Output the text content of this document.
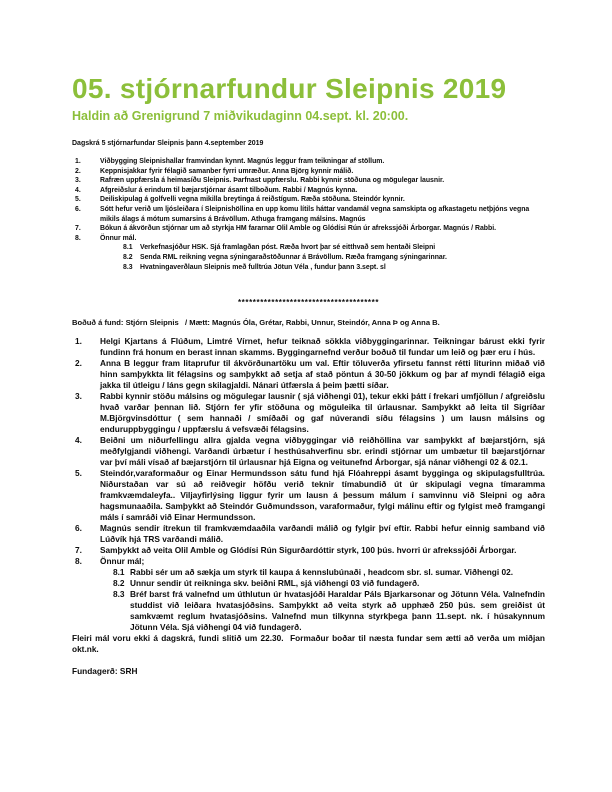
05. stjórnarfundur Sleipnis 2019
Haldin að Grenigrund 7 miðvikudaginn 04.sept. kl. 20:00.
Dagskrá 5 stjórnarfundar Sleipnis þann 4.september 2019
1.	Viðbygging Sleipnishallar framvindan kynnt. Magnús leggur fram teikningar af stöllum.
2.	Keppnisjakkar fyrir félagið samanber fyrri umræður. Anna Björg kynnir málið.
3.	Rafræn uppfærsla á heimasíðu Sleipnis. Þarfnast uppfærslu. Rabbi kynnir stöðuna og mögulegar lausnir.
4.	Afgreiðslur á erindum til bæjarstjórnar ásamt tilboðum. Rabbi / Magnús kynna.
5.	Deiliskipulag á golfvelli vegna mikilla breytinga á reiðstígum. Ræða stöðuna. Steindór kynnir.
6.	Sótt hefur verið um ljósleiðara í Sleipnishöllina en upp komu lítils háttar vandamál vegna samskipta og afkastagetu netþjóns vegna mikils álags á mótum sumarsins á Brávöllum. Athuga framgang málsins. Magnús
7.	Bókun á ákvörðun stjórnar um að styrkja HM fararnar Olil Amble og Glódísi Rún úr afrekssjóði Árborgar. Magnús / Rabbi.
8.	Önnur mál.
8.1	Verkefnasjóður HSK. Sjá framlagðan póst. Ræða hvort þar sé eitthvað sem hentaði Sleipni
8.2	Senda RML reikning vegna sýningaraðstöðunnar á Brávöllum. Ræða framgang sýningarinnar.
8.3	Hvatningaverðlaun Sleipnis með fulltrúa Jötun Véla , fundur þann 3.sept. sl
**************************************
Boðuð á fund: Stjórn Sleipnis   / Mætt: Magnús Óla, Grétar, Rabbi, Unnur, Steindór, Anna Þ og Anna B.
1.	Helgi Kjartans á Flúðum, Limtré Vírnet, hefur teiknað sökkla viðbyggingarinnar. Teikningar bárust ekki fyrir fundinn frá honum en berast innan skamms. Byggingarnefnd verður boðuð til fundar um leið og þær eru í hús.
2.	Anna B leggur fram litaprufur til ákvörðunartöku um val. Eftir töluverða yfirsetu fannst rétti liturinn miðað við hinn samþykkta lit félagsins og samþykkt að setja af stað pöntun á 30-50 jökkum og þar af myndi félagið eiga jakka til útleigu / láns gegn skilagjaldi. Nánari útfærsla á þeim þætti síðar.
3.	Rabbi kynnir stöðu málsins og mögulegar lausnir ( sjá viðhengi 01), tekur ekki þátt í frekari umfjöllun / afgreiðslu hvað varðar þennan lið. Stjórn fer yfir stöðuna og möguleika til úrlausnar. Samþykkt að leita til Sigríðar M.Björgvinsdóttur ( sem hannaði / smíðaði og gaf núverandi síðu félagsins ) um lausn málsins og enduruppbyggingu / uppfærslu á vefsvæði félagsins.
4.	Beiðni um niðurfellingu allra gjalda vegna viðbyggingar við reiðhöllina var samþykkt af bæjarstjórn, sjá meðfylgjandi viðhengi. Varðandi úrbætur í hesthúsahverfinu sbr. erindi stjórnar um umbætur til bæjarstjórnar var því máli vísað af bæjarstjórn til úrlausnar hjá Eigna og veitunefnd Árborgar, sjá nánar viðhengi 02 & 02.1.
5.	Steindór,varaformaður og Einar Hermundsson sátu fund hjá Flóahreppi ásamt bygginga og skipulagsfulltrúa. Niðurstaðan var sú að reiðvegir höfðu verið teknir tímabundið út úr skipulagi vegna tímaramma framkvæmdaleyfa.. Viljayfirlýsing liggur fyrir um lausn á þessum málum í samvinnu við Sleipni og aðra hagsmunaaðila. Samþykkt að Steindór Guðmundsson, varaformaður, fylgi málinu eftir og fylgist með framgangi máls í samráði við Einar Hermundsson.
6.	Magnús sendir ítrekun til framkvæmdaaðila varðandi málið og fylgir því eftir. Rabbi hefur einnig samband við Lúðvík hjá TRS varðandi málið.
7.	Samþykkt að veita Olil Amble og Glódísi Rún Sigurðardóttir styrk, 100 þús. hvorri úr afrekssjóði Árborgar.
8.	Önnur mál;
8.1 Rabbi sér um að sækja um styrk til kaupa á kennslubúnaði , headcom sbr. sl. sumar. Viðhengi 02.
8.2 Unnur sendir út reikninga skv. beiðni RML, sjá viðhengi 03 við fundagerð.
8.3 Bréf barst frá valnefnd um úthlutun úr hvatasjóði Haraldar Páls Bjarkarsonar og Jötunn Véla. Valnefndin studdist við leiðara hvatasjóðsins. Samþykkt að veita styrk að upphæð 250 þús. sem greiðist út samkvæmt reglum hvatasjóðsins. Valnefnd mun tilkynna styrkþega þann 11.sept. nk. í húsakynnum Jötunn Véla. Sjá viðhengi 04 við fundagerð.
Fleiri mál voru ekki á dagskrá, fundi slitið um 22.30.  Formaður boðar til næsta fundar sem ætti að verða um miðjan okt.nk.
Fundagerð: SRH
